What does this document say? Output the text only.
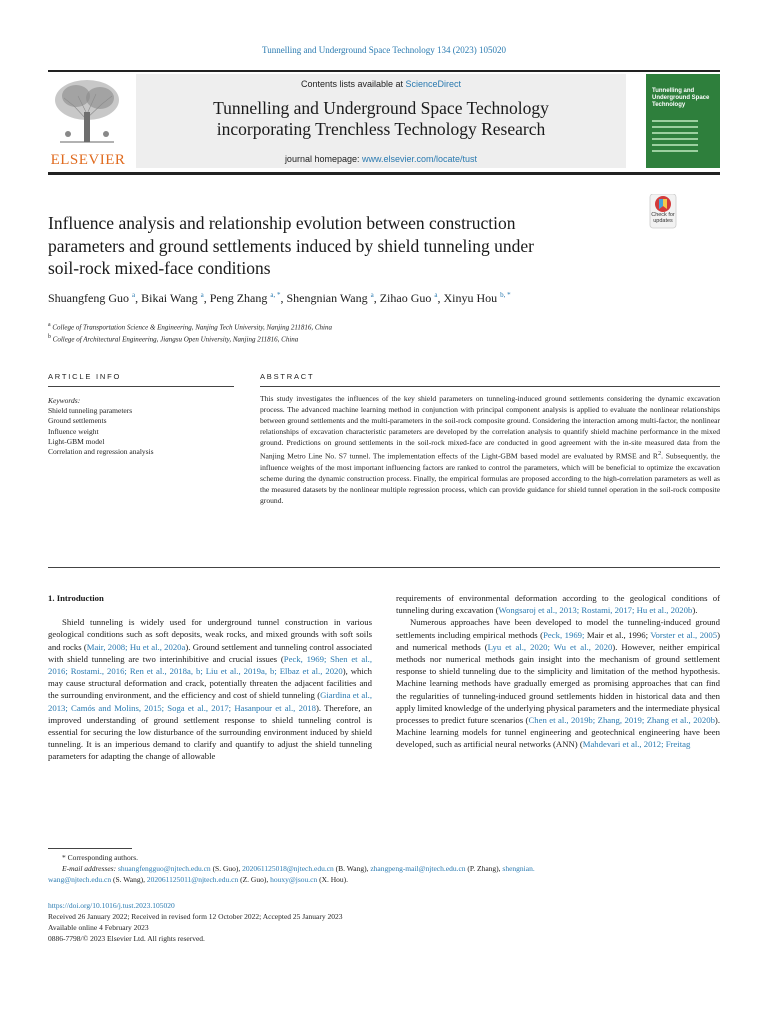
Tunnelling and Underground Space Technology 134 (2023) 105020
ELSEVIER
Contents lists available at ScienceDirect
Tunnelling and Underground Space Technology
incorporating Trenchless Technology Research
journal homepage: www.elsevier.com/locate/tust
Tunnelling and Underground Space Technology
Check for
updates
Influence analysis and relationship evolution between construction
parameters and ground settlements induced by shield tunneling under
soil-rock mixed-face conditions
Shuangfeng Guo $^a$, Bikai Wang $^a$, Peng Zhang $^{a, *}$, Shengnian Wang $^a$, Zihao Guo $^a$, Xinyu Hou $^{b, *}$
$^a$ College of Transportation Science & Engineering, Nanjing Tech University, Nanjing 211816, China
$^b$ College of Architectural Engineering, Jiangsu Open University, Nanjing 211816, China
ARTICLE INFO
Keywords:
Shield tunneling parameters
Ground settlements
Influence weight
Light-GBM model
Correlation and regression analysis
ABSTRACT
This study investigates the influences of the key shield parameters on tunneling-induced ground settlements considering the dynamic excavation process. The advanced machine learning method in conjunction with principal component analysis is applied to evaluate the nonlinear relationships between ground settlements and the multi-parameters in the soil-rock composite ground. Considering the interaction among multi-factor, the nonlinear relationships of excavation characteristic parameters are developed by the correlation analysis to quantify shield machine performance in the mixed ground. Predictions on ground settlements in the soil-rock mixed-face are conducted in good agreement with the in-site measured data from the Nanjing Metro Line No. S7 tunnel. The implementation effects of the Light-GBM based model are evaluated by RMSE and $R^2$. Subsequently, the influence weights of the most important influencing factors are ranked to control the parameters, which will be beneficial to optimize the excavation scheme during the dynamic construction process. Finally, the empirical formulas are proposed according to the high-correlation parameters as well as the measured datasets by the nonlinear multiple regression process, which can provide guidance for shield tunnel operation in the soil-rock composite ground.
1. Introduction
Shield tunneling is widely used for underground tunnel construction in various geological conditions such as soft deposits, weak rocks, and mixed grounds with soft soils and rocks (Mair, 2008; Hu et al., 2020a). Ground settlement and tunneling control associated with shield tunneling are two interinhibitive and crucial issues (Peck, 1969; Shen et al., 2016; Rostami., 2016; Ren et al., 2018a, b; Liu et al., 2019a, b; Elbaz et al., 2020), which may cause structural deformation and crack, potentially threaten the adjacent facilities and the surrounding environment, and the efficiency and cost of shield tunneling (Giardina et al., 2013; Camós and Molins, 2015; Soga et al., 2017; Hasanpour et al., 2018). Therefore, an improved understanding of ground settlement response to shield tunneling control is essential for securing the low disturbance of the surrounding environment induced by shield tunneling. It is an imperious demand to clarify and quantify to adjust the shield tunneling parameters for adapting the change of allowable
requirements of environmental deformation according to the geological conditions of tunneling during excavation (Wongsaroj et al., 2013; Rostami, 2017; Hu et al., 2020b).
Numerous approaches have been developed to model the tunneling-induced ground settlements including empirical methods (Peck, 1969; Mair et al., 1996; Vorster et al., 2005) and numerical methods (Lyu et al., 2020; Wu et al., 2020). However, neither empirical methods nor numerical methods gain insight into the mechanism of ground settlement response to shield tunneling due to the simplicity and limitation of the method hypothesis. Machine learning methods have gradually emerged as promising approaches that can find the regularities of tunneling-induced ground settlements hidden in historical data and then apply limited knowledge of the underlying physical parameters and the intermediate physical processes to predict future scenarios (Chen et al., 2019b; Zhang, 2019; Zhang et al., 2020b). Machine learning models for tunnel engineering and geotechnical engineering have been developed, such as artificial neural networks (ANN) (Mahdevari et al., 2012; Freitag
* Corresponding authors.
E-mail addresses: shuangfengguo@njtech.edu.cn (S. Guo), 202061125018@njtech.edu.cn (B. Wang), zhangpeng-mail@njtech.edu.cn (P. Zhang), shengnian.
wang@njtech.edu.cn (S. Wang), 202061125011@njtech.edu.cn (Z. Guo), houxy@jsou.cn (X. Hou).
https://doi.org/10.1016/j.tust.2023.105020
Received 26 January 2022; Received in revised form 12 October 2022; Accepted 25 January 2023
Available online 4 February 2023
0886-7798/© 2023 Elsevier Ltd. All rights reserved.
